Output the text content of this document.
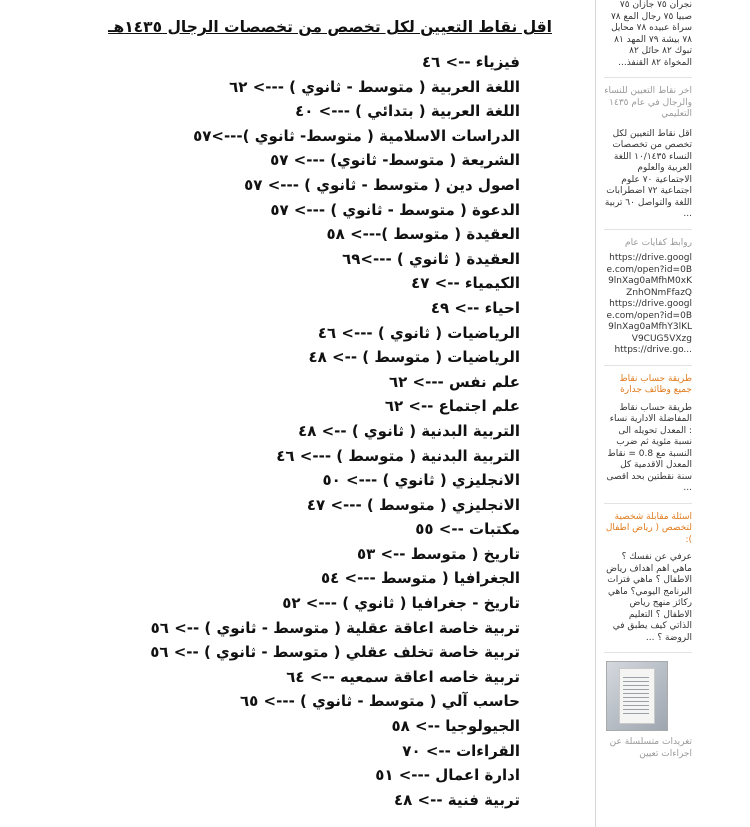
اقل نقاط التعيين لكل تخصص من تخصصات الرجال ١٤٣٥هـ
فيزياء --> ٤٦
اللغة العربية ( متوسط - ثانوي ) ---> ٦٢
اللغة العربية ( بتدائي ) ---> ٤٠
الدراسات الاسلامية ( متوسط- ثانوي )--->٥٧
الشريعة ( متوسط- ثانوي) ---> ٥٧
اصول دين ( متوسط - ثانوي ) ---> ٥٧
الدعوة ( متوسط - ثانوي ) ---> ٥٧
العقيدة ( متوسط )---> ٥٨
العقيدة ( ثانوي ) --->٦٩
الكيمياء --> ٤٧
احياء --> ٤٩
الرياضيات ( ثانوي ) ---> ٤٦
الرياضيات ( متوسط ) --> ٤٨
علم نفس ---> ٦٢
علم اجتماع --> ٦٢
التربية البدنية ( ثانوي ) --> ٤٨
التربية البدنية ( متوسط ) ---> ٤٦
الانجليزي ( ثانوي ) ---> ٥٠
الانجليزي ( متوسط ) ---> ٤٧
مكتبات --> ٥٥
تاريخ ( متوسط --> ٥٣
الجغرافيا ( متوسط ---> ٥٤
تاريخ - جغرافيا ( ثانوي ) ---> ٥٢
تربية خاصة اعاقة عقلية ( متوسط - ثانوي ) --> ٥٦
تربية خاصة تخلف عقلي ( متوسط - ثانوي ) --> ٥٦
تربية خاصه اعاقة سمعيه --> ٦٤
حاسب آلي ( متوسط - ثانوي ) ---> ٦٥
الجيولوجيا --> ٥٨
القراءات --> ٧٠
ادارة اعمال ---> ٥١
تربية فنية --> ٤٨
نجران ٧٥ جازان ٧٥ صبيا ٧٥ رجال المع ٧٨ سراة عبيده ٧٨ محايل ٧٨ بيشة ٧٩ المهد ٨١ تبوك ٨٢ حائل ٨٢ المخواة ٨٢ القنفذ...
اخر نقاط التعيين للنساء والرجال في عام ١٤٣٥ التعليمي
اقل نقاط التعيين لكل تخصص من تخصصات النساء ١٠/١٤٣٥ اللغة العربية والعلوم الاجتماعية ٧٠ علوم اجتماعية ٧٢ اضطرابات اللغة والتواصل ٦٠ تربية ...
روابط كفايات عام
https://drive.google.com/open?id=0B9lnXag0aMfhM0xKZnhONmFfazQ
https://drive.google.com/open?id=0B9lnXag0aMfhY3lKLV9CUG5VXzg
https://drive.go...
طريقة حساب نقاط جميع وظائف جدارة
طريقة حساب نقاط المفاضلة الادارية نساء : المعدل تحويله الى نسبة مئوية ثم ضرب النسبة مع 0.8 = نقاط المعدل الاقدمية كل سنة نقطتين بحد اقصى ...
اسئلة مقابلة شخصية لتخصص ( رياض اطفال ):
عرفي عن نفسك ؟ ماهي اهم اهداف رياض الاطفال ؟ ماهي فترات البرنامج اليومي؟ ماهي ركائز منهج رياض الاطفال ؟ التعليم الذاتي كيف يطبق في الروضة ؟ ...
تغريدات متسلسلة عن اجراءات تعيين
